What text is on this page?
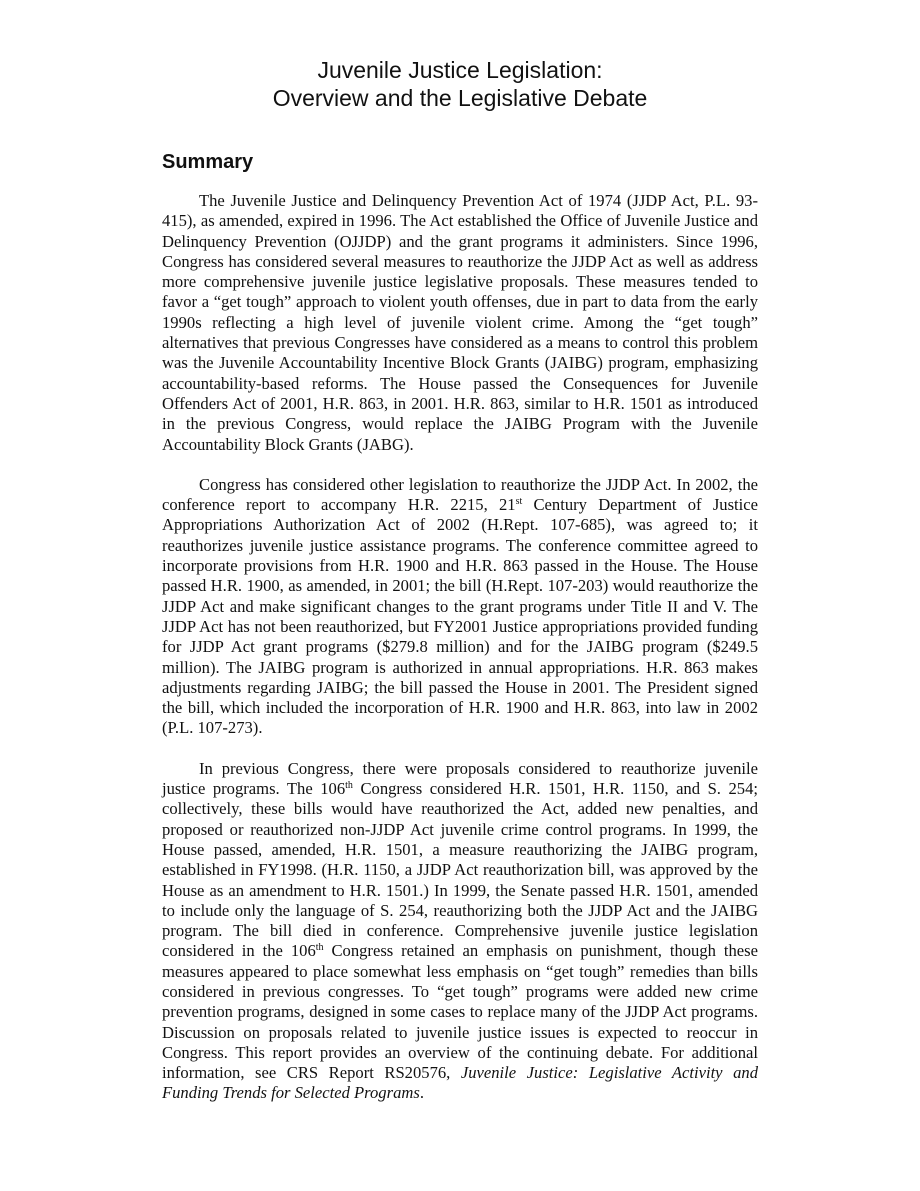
Juvenile Justice Legislation:
Overview and the Legislative Debate
Summary

The Juvenile Justice and Delinquency Prevention Act of 1974 (JJDP Act, P.L. 93-415), as amended, expired in 1996. The Act established the Office of Juvenile Justice and Delinquency Prevention (OJJDP) and the grant programs it administers. Since 1996, Congress has considered several measures to reauthorize the JJDP Act as well as address more comprehensive juvenile justice legislative proposals. These measures tended to favor a “get tough” approach to violent youth offenses, due in part to data from the early 1990s reflecting a high level of juvenile violent crime. Among the “get tough” alternatives that previous Congresses have considered as a means to control this problem was the Juvenile Accountability Incentive Block Grants (JAIBG) program, emphasizing accountability-based reforms. The House passed the Consequences for Juvenile Offenders Act of 2001, H.R. 863, in 2001. H.R. 863, similar to H.R. 1501 as introduced in the previous Congress, would replace the JAIBG Program with the Juvenile Accountability Block Grants (JABG).

Congress has considered other legislation to reauthorize the JJDP Act. In 2002, the conference report to accompany H.R. 2215, 21st Century Department of Justice Appropriations Authorization Act of 2002 (H.Rept. 107-685), was agreed to; it reauthorizes juvenile justice assistance programs. The conference committee agreed to incorporate provisions from H.R. 1900 and H.R. 863 passed in the House. The House passed H.R. 1900, as amended, in 2001; the bill (H.Rept. 107-203) would reauthorize the JJDP Act and make significant changes to the grant programs under Title II and V. The JJDP Act has not been reauthorized, but FY2001 Justice appropriations provided funding for JJDP Act grant programs ($279.8 million) and for the JAIBG program ($249.5 million). The JAIBG program is authorized in annual appropriations. H.R. 863 makes adjustments regarding JAIBG; the bill passed the House in 2001. The President signed the bill, which included the incorporation of H.R. 1900 and H.R. 863, into law in 2002 (P.L. 107-273).

In previous Congress, there were proposals considered to reauthorize juvenile justice programs. The 106th Congress considered H.R. 1501, H.R. 1150, and S. 254; collectively, these bills would have reauthorized the Act, added new penalties, and proposed or reauthorized non-JJDP Act juvenile crime control programs. In 1999, the House passed, amended, H.R. 1501, a measure reauthorizing the JAIBG program, established in FY1998. (H.R. 1150, a JJDP Act reauthorization bill, was approved by the House as an amendment to H.R. 1501.) In 1999, the Senate passed H.R. 1501, amended to include only the language of S. 254, reauthorizing both the JJDP Act and the JAIBG program. The bill died in conference. Comprehensive juvenile justice legislation considered in the 106th Congress retained an emphasis on punishment, though these measures appeared to place somewhat less emphasis on “get tough” remedies than bills considered in previous congresses. To “get tough” programs were added new crime prevention programs, designed in some cases to replace many of the JJDP Act programs. Discussion on proposals related to juvenile justice issues is expected to reoccur in Congress. This report provides an overview of the continuing debate. For additional information, see CRS Report RS20576, Juvenile Justice: Legislative Activity and Funding Trends for Selected Programs.
